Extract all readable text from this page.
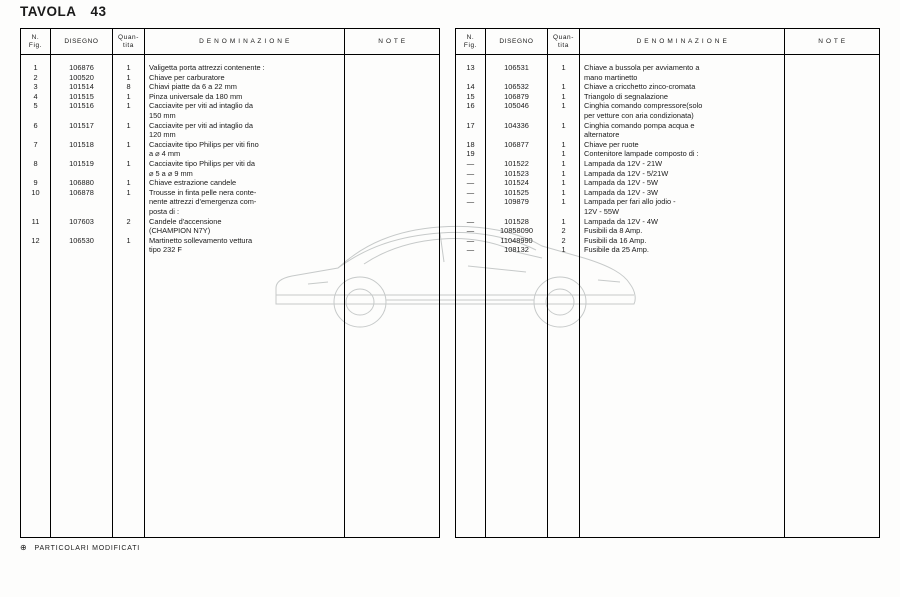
TAVOLA 43
N.
Fig.
DISEGNO
Quan-
tita
D E N O M I N A Z I O N E	N O T E
1
2
3
4
5
6
7
8
9
10
11
12
106876
100520
101514
101515
101516
101517
101518
101519
106880
106878
107603
106530
1
1
8
1
1
1
1
1
1
1
2
1
Valigetta porta attrezzi contenente :
Chiave per carburatore
Chiavi piatte da 6 a 22 mm
Pinza universale da 180 mm
Cacciavite per viti ad intaglio da
150 mm
Cacciavite per viti ad intaglio da
120 mm
Cacciavite tipo Philips per viti fino
a ⌀ 4 mm
Cacciavite tipo Philips per viti da
⌀ 5 a ⌀ 9 mm
Chiave estrazione candele
Trousse in finta pelle nera conte-
nente attrezzi d'emergenza com-
posta di :
Candele d'accensione
(CHAMPION N7Y)
Martinetto sollevamento vettura
tipo 232 F
N.
Fig.
DISEGNO
Quan-
tita
D E N O M I N A Z I O N E	N O T E
13
14
15
16
17
18
19
—
—
—
—
—
—
—
—
—
106531
106532
106879
105046
104336
106877
101522
101523
101524
101525
109879
101528
10858090
11048990
108132
1
1
1
1
1
1
1
1
1
1
1
1
1
2
2
1
Chiave a bussola per avviamento a
mano martinetto
Chiave a cricchetto zinco-cromata
Triangolo di segnalazione
Cinghia comando compressore(solo
per vetture con aria condizionata)
Cinghia comando pompa acqua e
alternatore
Chiave per ruote
Contenitore lampade composto di :
Lampada da 12V - 21W
Lampada da 12V - 5/21W
Lampada da 12V - 5W
Lampada da 12V - 3W
Lampada per fari allo jodio -
12V - 55W
Lampada da 12V - 4W
Fusibili da 8 Amp.
Fusibili da 16 Amp.
Fusibile da 25 Amp.
⊕ PARTICOLARI MODIFICATI
